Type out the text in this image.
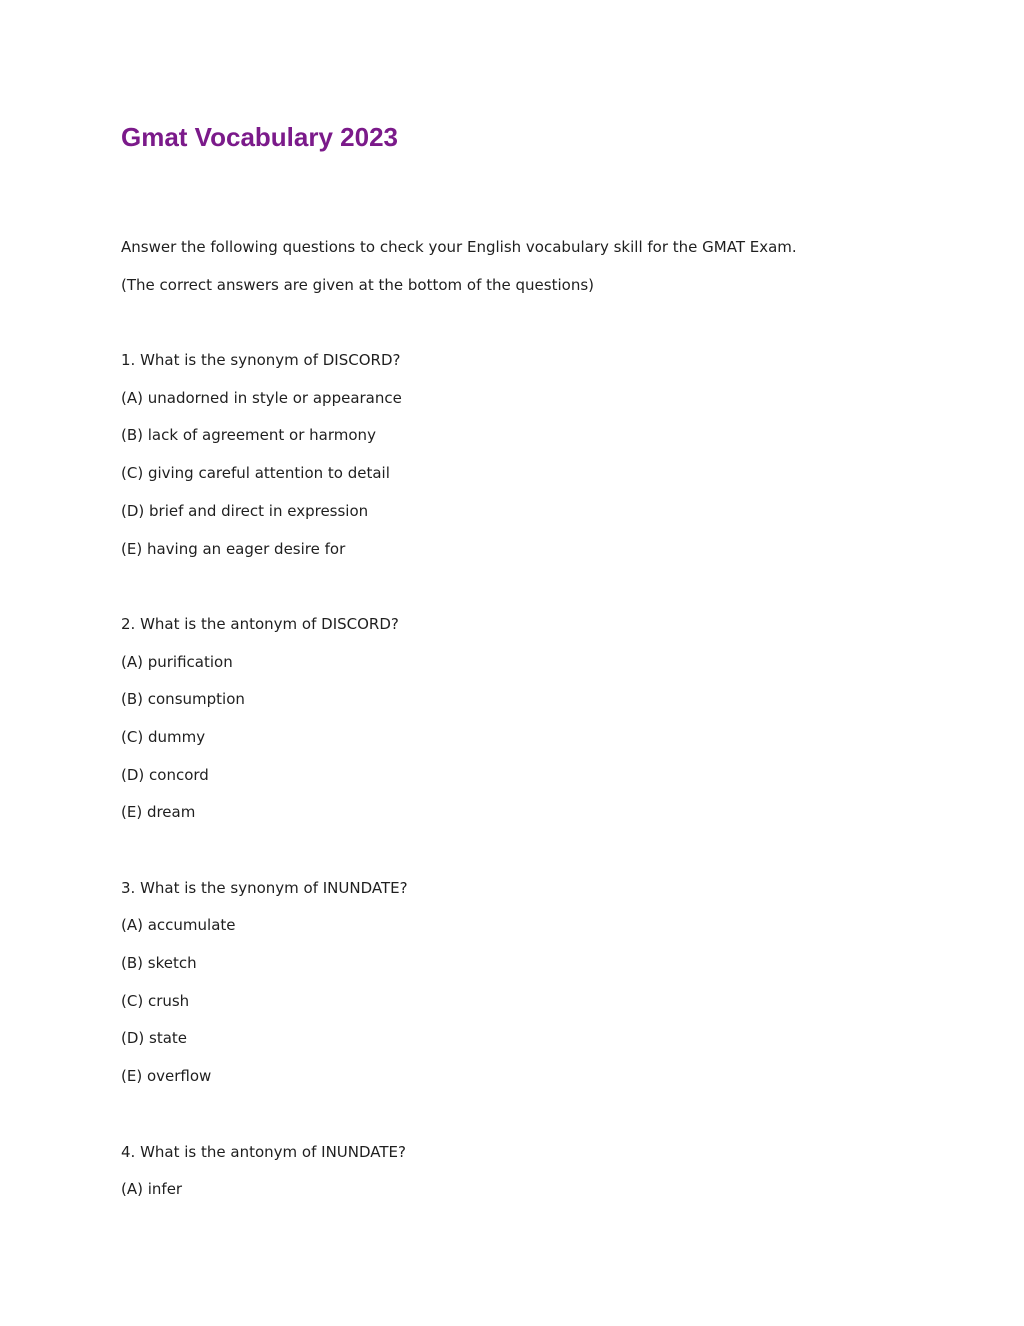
Gmat Vocabulary 2023
Answer the following questions to check your English vocabulary skill for the GMAT Exam.
(The correct answers are given at the bottom of the questions)
1. What is the synonym of DISCORD?
(A) unadorned in style or appearance
(B) lack of agreement or harmony
(C) giving careful attention to detail
(D) brief and direct in expression
(E) having an eager desire for
2. What is the antonym of DISCORD?
(A) purification
(B) consumption
(C) dummy
(D) concord
(E) dream
3. What is the synonym of INUNDATE?
(A) accumulate
(B) sketch
(C) crush
(D) state
(E) overflow
4. What is the antonym of INUNDATE?
(A) infer
